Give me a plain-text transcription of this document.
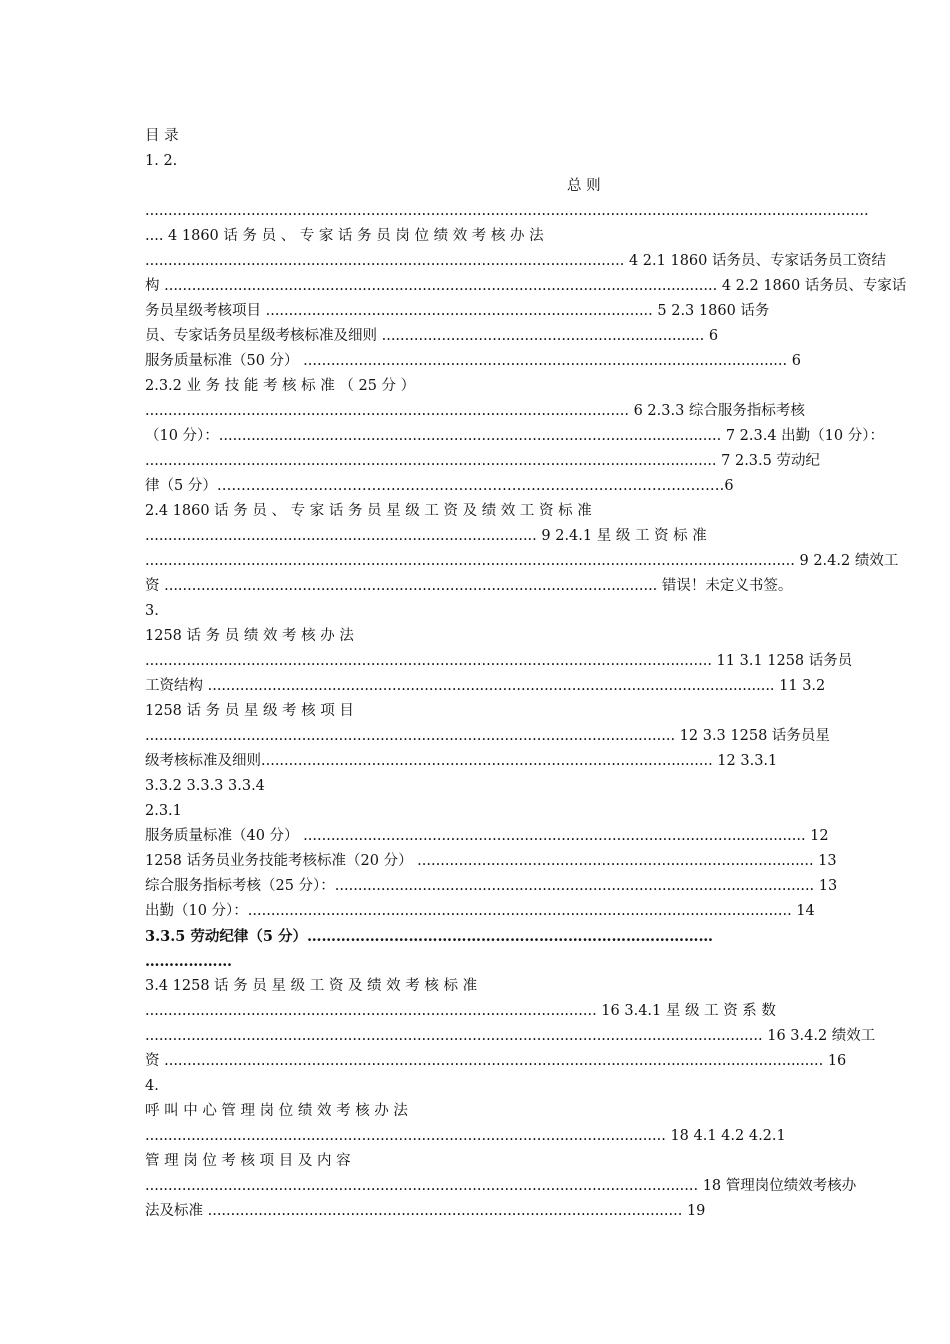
目 录
1. 2.
总 则
.............................................................................................................................................................
.... 4 1860 话 务 员 、 专 家 话 务 员 岗 位 绩 效 考 核 办 法
........................................................................................................ 4 2.1 1860 话务员、专家话务员工资结
构 ........................................................................................................................ 4 2.2 1860 话务员、专家话
务员星级考核项目 .................................................................................... 5 2.3 1860 话务
员、专家话务员星级考核标准及细则 ...................................................................... 6
服务质量标准（50 分） ......................................................................................................... 6
2.3.2 业 务 技 能 考 核 标 准 （ 25 分 ）
......................................................................................................... 6 2.3.3 综合服务指标考核
（10 分）：............................................................................................................. 7 2.3.4 出勤（10 分）：
............................................................................................................................ 7 2.3.5 劳动纪
律（5 分）……………………………………………………………………………………………6
2.4 1860 话 务 员 、 专 家 话 务 员 星 级 工 资 及 绩 效 工 资 标 准
..................................................................................... 9 2.4.1 星 级 工 资 标 准
............................................................................................................................................. 9 2.4.2 绩效工
资 ........................................................................................................... 错误！未定义书签。
3.
1258 话 务 员 绩 效 考 核 办 法
........................................................................................................................... 11 3.1 1258 话务员
工资结构 ........................................................................................................................... 11 3.2
1258 话 务 员 星 级 考 核 项 目
................................................................................................................... 12 3.3 1258 话务员星
级考核标准及细则.................................................................................................. 12 3.3.1
3.3.2 3.3.3 3.3.4
2.3.1
服务质量标准（40 分） ............................................................................................................. 12
1258 话务员业务技能考核标准（20 分） ...................................................................................... 13
综合服务指标考核（25 分）：........................................................................................................ 13
出勤（10 分）：...................................................................................................................... 14
3.3.5 劳动纪律（5 分）…………………………………………………………………………
………………
3.4 1258 话 务 员 星 级 工 资 及 绩 效 考 核 标 准
.................................................................................................. 16 3.4.1 星 级 工 资 系 数
...................................................................................................................................... 16 3.4.2 绩效工
资 ............................................................................................................................................... 16
4.
呼 叫 中 心 管 理 岗 位 绩 效 考 核 办 法
................................................................................................................. 18 4.1 4.2 4.2.1
管 理 岗 位 考 核 项 目 及 内 容
........................................................................................................................ 18 管理岗位绩效考核办
法及标准 ....................................................................................................... 19
